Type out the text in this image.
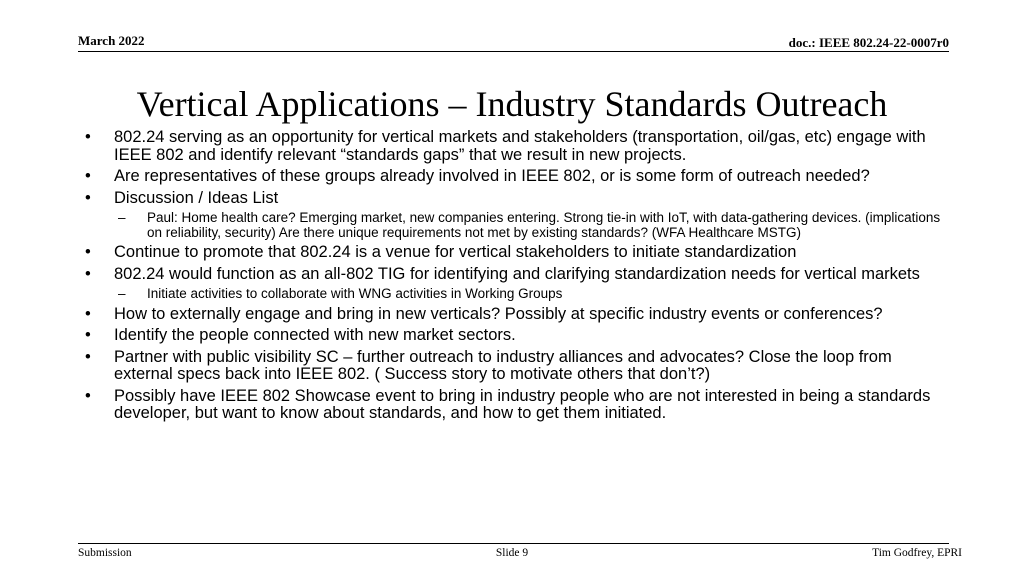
March 2022	doc.: IEEE 802.24-22-0007r0
Vertical Applications – Industry Standards Outreach
• 802.24 serving as an opportunity for vertical markets and stakeholders (transportation, oil/gas, etc) engage with IEEE 802 and identify relevant “standards gaps” that we result in new projects.
• Are representatives of these groups already involved in IEEE 802, or is some form of outreach needed?
• Discussion / Ideas List
– Paul: Home health care? Emerging market, new companies entering. Strong tie-in with IoT, with data-gathering devices. (implications on reliability, security) Are there unique requirements not met by existing standards? (WFA Healthcare MSTG)
• Continue to promote that 802.24 is a venue for vertical stakeholders to initiate standardization
• 802.24 would function as an all-802 TIG for identifying and clarifying standardization needs for vertical markets
– Initiate activities to collaborate with WNG activities in Working Groups
• How to externally engage and bring in new verticals? Possibly at specific industry events or conferences?
• Identify the people connected with new market sectors.
• Partner with public visibility SC – further outreach to industry alliances and advocates? Close the loop from external specs back into IEEE 802. ( Success story to motivate others that don’t?)
• Possibly have IEEE 802 Showcase event to bring in industry people who are not interested in being a standards developer, but want to know about standards, and how to get them initiated.
Submission	Slide 9	Tim Godfrey, EPRI
